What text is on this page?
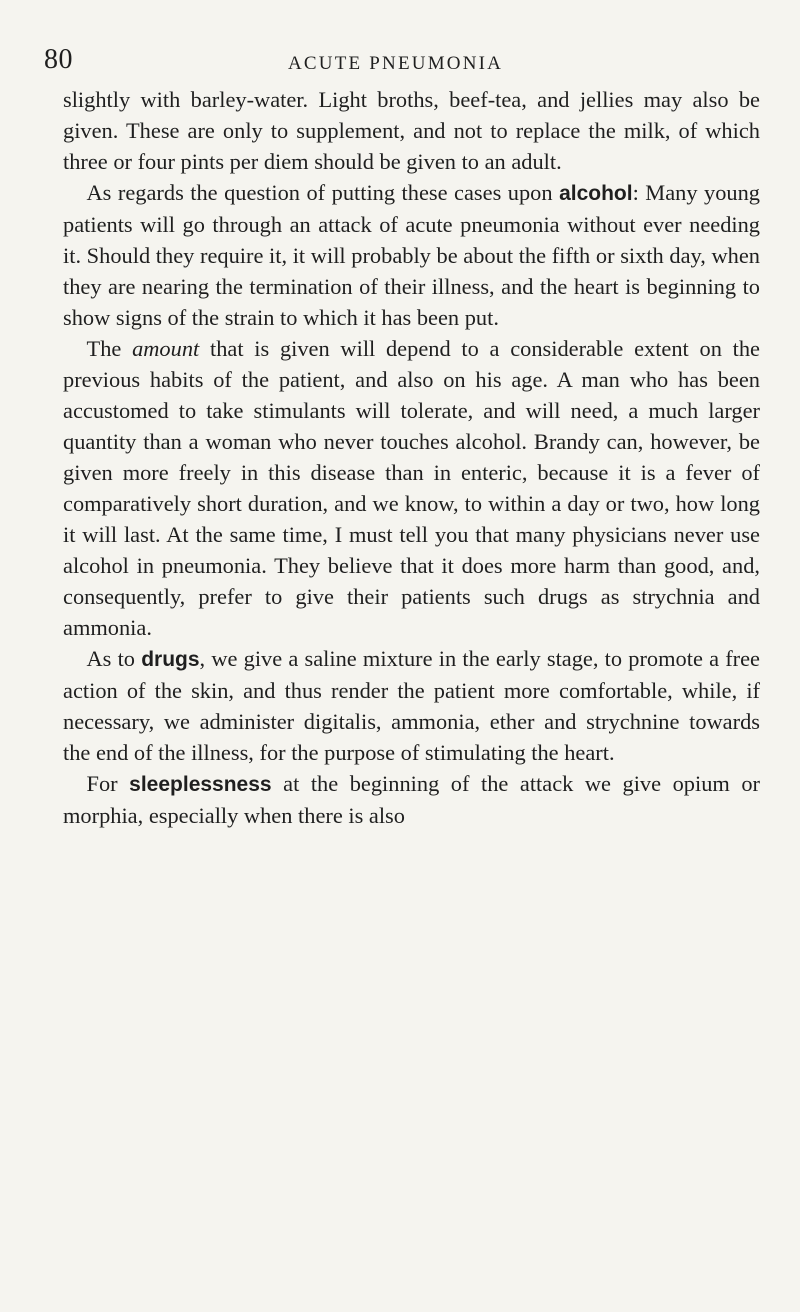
80	ACUTE PNEUMONIA

slightly with barley-water. Light broths, beef-tea, and jellies may also be given. These are only to supplement, and not to replace the milk, of which three or four pints per diem should be given to an adult.

As regards the question of putting these cases upon alcohol: Many young patients will go through an attack of acute pneumonia without ever needing it. Should they require it, it will probably be about the fifth or sixth day, when they are nearing the termination of their illness, and the heart is beginning to show signs of the strain to which it has been put.

The amount that is given will depend to a considerable extent on the previous habits of the patient, and also on his age. A man who has been accustomed to take stimulants will tolerate, and will need, a much larger quantity than a woman who never touches alcohol. Brandy can, however, be given more freely in this disease than in enteric, because it is a fever of comparatively short duration, and we know, to within a day or two, how long it will last. At the same time, I must tell you that many physicians never use alcohol in pneumonia. They believe that it does more harm than good, and, consequently, prefer to give their patients such drugs as strychnia and ammonia.

As to drugs, we give a saline mixture in the early stage, to promote a free action of the skin, and thus render the patient more comfortable, while, if necessary, we administer digitalis, ammonia, ether and strychnine towards the end of the illness, for the purpose of stimulating the heart.

For sleeplessness at the beginning of the attack we give opium or morphia, especially when there is also
